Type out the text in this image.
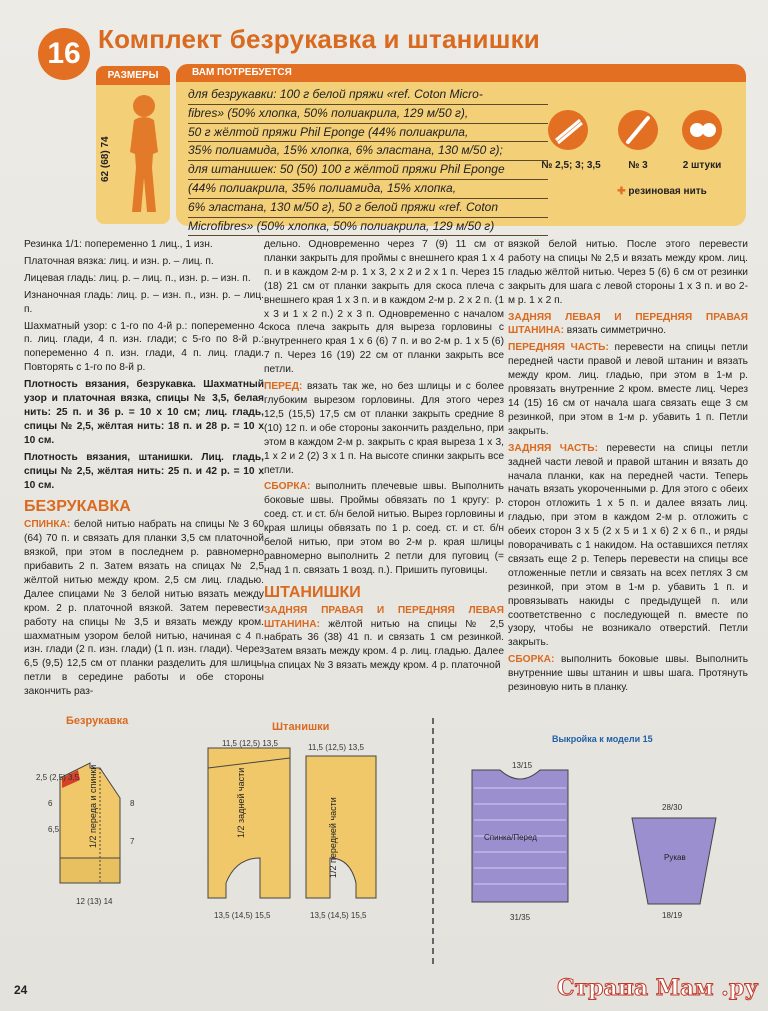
16 Комплект безрукавка и штанишки
РАЗМЕРЫ
62 (68) 74
ВАМ ПОТРЕБУЕТСЯ
для безрукавки: 100 г белой пряжи «ref. Coton Micro-
fibres» (50% хлопка, 50% полиакрила, 129 м/50 г),
50 г жёлтой пряжи Phil Eponge (44% полиакрила,
35% полиамида, 15% хлопка, 6% эластана, 130 м/50 г);
для штанишек: 50 (50) 100 г жёлтой пряжи Phil Eponge
(44% полиакрила, 35% полиамида, 15% хлопка,
6% эластана, 130 м/50 г), 50 г белой пряжи «ref. Coton
Microfibres» (50% хлопка, 50% полиакрила, 129 м/50 г)
№ 2,5; 3; 3,5	№ 3	2 штуки
✚ резиновая нить

Резинка 1/1: попеременно 1 лиц., 1 изн.

Платочная вязка: лиц. и изн. р. – лиц. п.

Лицевая гладь: лиц. р. – лиц. п., изн. р. – изн. п.

Изнаночная гладь: лиц. р. – изн. п., изн. р. – лиц. п.

Шахматный узор: с 1-го по 4-й р.: попеременно 4 п. лиц. глади, 4 п. изн. глади; с 5-го по 8-й р.: попеременно 4 п. изн. глади, 4 п. лиц. глади. Повторять с 1-го по 8-й р.

Плотность вязания, безрукавка. Шахматный узор и платочная вязка, спицы № 3,5, белая нить: 25 п. и 36 р. = 10 х 10 см; лиц. гладь, спицы № 2,5, жёлтая нить: 18 п. и 28 р. = 10 х 10 см.

Плотность вязания, штанишки. Лиц. гладь, спицы № 2,5, жёлтая нить: 25 п. и 42 р. = 10 х 10 см.

БЕЗРУКАВКА

СПИНКА: белой нитью набрать на спицы № 3 60 (64) 70 п. и связать для планки 3,5 см платочной вязкой, при этом в последнем р. равномерно прибавить 2 п. Затем вязать на спицах № 2,5 жёлтой нитью между кром. 2,5 см лиц. гладью. Далее спицами № 3 белой нитью вязать между кром. 2 р. платочной вязкой. Затем перевести работу на спицы № 3,5 и вязать между кром. шахматным узором белой нитью, начиная с 4 п. изн. глади (2 п. изн. глади) (1 п. изн. глади). Через 6,5 (9,5) 12,5 см от планки разделить для шлицы петли в середине работы и обе стороны закончить раз-

дельно. Одновременно через 7 (9) 11 см от планки закрыть для проймы с внешнего края 1 х 4 п. и в каждом 2-м р. 1 х 3, 2 х 2 и 2 х 1 п. Через 15 (18) 21 см от планки закрыть для скоса плеча с внешнего края 1 х 3 п. и в каждом 2-м р. 2 х 2 п. (1 х 3 и 1 х 2 п.) 2 х 3 п. Одновременно с началом скоса плеча закрыть для выреза горловины с внутреннего края 1 х 6 (6) 7 п. и во 2-м р. 1 х 5 (6) 7 п. Через 16 (19) 22 см от планки закрыть все петли.

ПЕРЕД: вязать так же, но без шлицы и с более глубоким вырезом горловины. Для этого через 12,5 (15,5) 17,5 см от планки закрыть средние 8 (10) 12 п. и обе стороны закончить раздельно, при этом в каждом 2-м р. закрыть с края выреза 1 х 3, 1 х 2 и 2 (2) 3 х 1 п. На высоте спинки закрыть все петли.

СБОРКА: выполнить плечевые швы. Выполнить боковые швы. Проймы обвязать по 1 кругу: р. соед. ст. и ст. б/н белой нитью. Вырез горловины и края шлицы обвязать по 1 р. соед. ст. и ст. б/н белой нитью, при этом во 2-м р. края шлицы равномерно выполнить 2 петли для пуговиц (= над 1 п. связать 1 возд. п.). Пришить пуговицы.

ШТАНИШКИ

ЗАДНЯЯ ПРАВАЯ И ПЕРЕДНЯЯ ЛЕВАЯ ШТАНИНА: жёлтой нитью на спицы № 2,5 набрать 36 (38) 41 п. и связать 1 см резинкой. Затем вязать между кром. 4 р. лиц. гладью. Далее на спицах № 3 вязать между кром. 4 р. платочной

вязкой белой нитью. После этого перевести работу на спицы № 2,5 и вязать между кром. лиц. гладью жёлтой нитью. Через 5 (6) 6 см от резинки закрыть для шага с левой стороны 1 х 3 п. и во 2-м р. 1 х 2 п.

ЗАДНЯЯ ЛЕВАЯ И ПЕРЕДНЯЯ ПРАВАЯ ШТАНИНА: вязать симметрично.

ПЕРЕДНЯЯ ЧАСТЬ: перевести на спицы петли передней части правой и левой штанин и вязать между кром. лиц. гладью, при этом в 1-м р. провязать внутренние 2 кром. вместе лиц. Через 14 (15) 16 см от начала шага связать еще 3 см резинкой, при этом в 1-м р. убавить 1 п. Петли закрыть.

ЗАДНЯЯ ЧАСТЬ: перевести на спицы петли задней части левой и правой штанин и вязать до начала планки, как на передней части. Теперь начать вязать укороченными р. Для этого с обеих сторон отложить 1 х 5 п. и далее вязать лиц. гладью, при этом в каждом 2-м р. отложить с обеих сторон 3 х 5 (2 х 5 и 1 х 6) 2 х 6 п., и ряды поворачивать с 1 накидом. На оставшихся петлях связать еще 2 р. Теперь перевести на спицы все отложенные петли и связать на всех петлях 3 см резинкой, при этом в 1-м р. убавить 1 п. и провязывать накиды с предыдущей п. или соответственно с последующей п. вместе по узору, чтобы не возникало отверстий. Петли закрыть.

СБОРКА: выполнить боковые швы. Выполнить внутренние швы штанин и швы шага. Протянуть резиновую нить в планку.

Безрукавка
1/2 переда и спинки
2,5 (2,5) 3,5
6
6,5
8
7
12 (13) 14
Штанишки
1/2 задней части
11,5 (12,5) 13,5
13,5 (14,5) 15,5
1/2 передней части
11,5 (12,5) 13,5
13,5 (14,5) 15,5
Выкройка к модели 15
Спинка/Перед
31/35
13/15
Рукав
28/30
18/19
24	Страна Мам .ру
